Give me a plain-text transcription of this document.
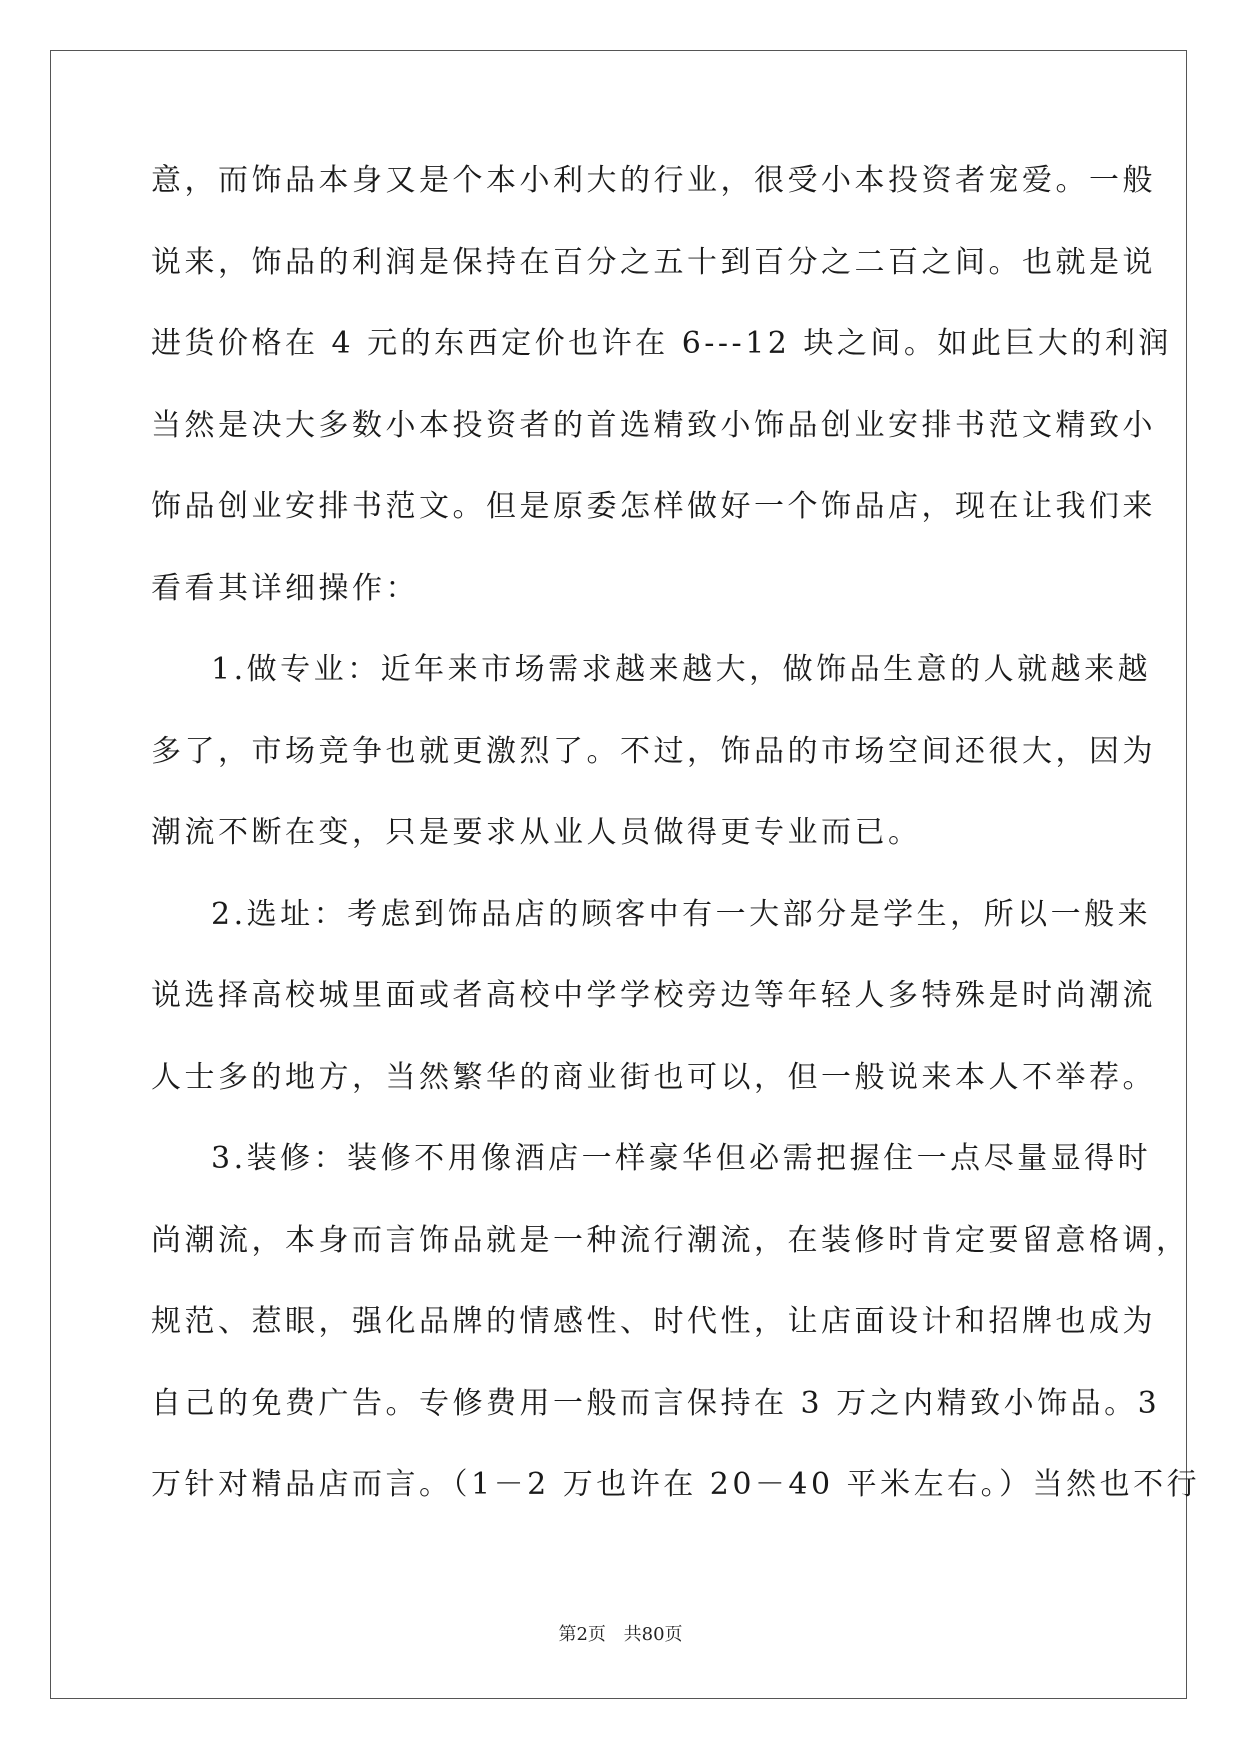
意，而饰品本身又是个本小利大的行业，很受小本投资者宠爱。一般
说来，饰品的利润是保持在百分之五十到百分之二百之间。也就是说
进货价格在 4 元的东西定价也许在 6---12 块之间。如此巨大的利润
当然是决大多数小本投资者的首选精致小饰品创业安排书范文精致小
饰品创业安排书范文。但是原委怎样做好一个饰品店，现在让我们来
看看其详细操作：
1.做专业：近年来市场需求越来越大，做饰品生意的人就越来越
多了，市场竞争也就更激烈了。不过，饰品的市场空间还很大，因为
潮流不断在变，只是要求从业人员做得更专业而已。
2.选址：考虑到饰品店的顾客中有一大部分是学生，所以一般来
说选择高校城里面或者高校中学学校旁边等年轻人多特殊是时尚潮流
人士多的地方，当然繁华的商业街也可以，但一般说来本人不举荐。
3.装修：装修不用像酒店一样豪华但必需把握住一点尽量显得时
尚潮流，本身而言饰品就是一种流行潮流，在装修时肯定要留意格调，
规范、惹眼，强化品牌的情感性、时代性，让店面设计和招牌也成为
自己的免费广告。专修费用一般而言保持在 3 万之内精致小饰品。3
万针对精品店而言。（1－2 万也许在 20－40 平米左右。）当然也不行
第2页 共80页
